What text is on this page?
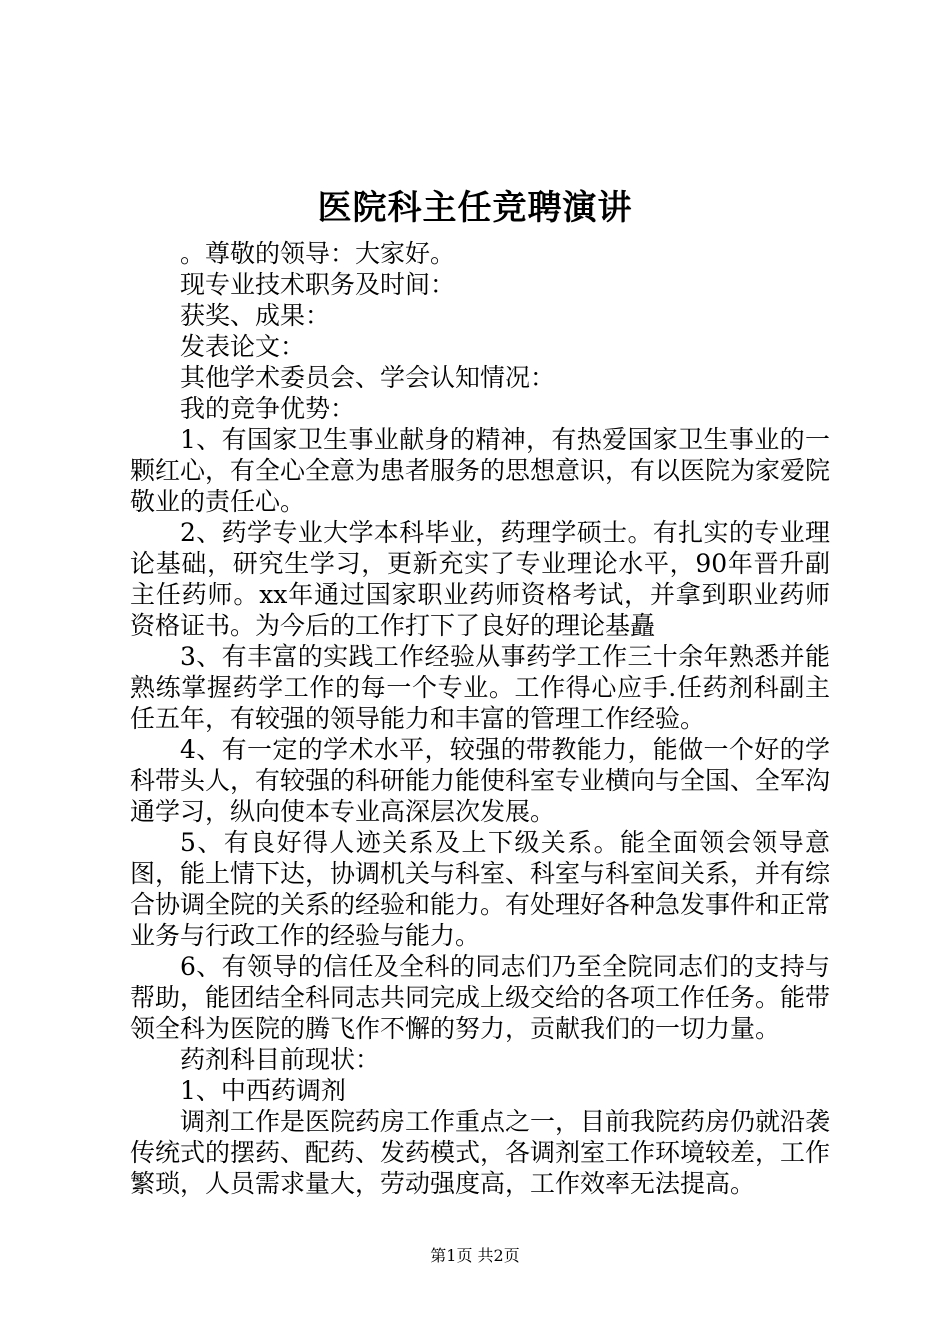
医院科主任竞聘演讲

。尊敬的领导：大家好。

现专业技术职务及时间：

获奖、成果：

发表论文：

其他学术委员会、学会认知情况：

我的竞争优势：

1、有国家卫生事业献身的精神，有热爱国家卫生事业的一颗红心，有全心全意为患者服务的思想意识，有以医院为家爱院敬业的责任心。

2、药学专业大学本科毕业，药理学硕士。有扎实的专业理论基础，研究生学习，更新充实了专业理论水平，90年晋升副主任药师。xx年通过国家职业药师资格考试，并拿到职业药师资格证书。为今后的工作打下了良好的理论基矗

3、有丰富的实践工作经验从事药学工作三十余年熟悉并能熟练掌握药学工作的每一个专业。工作得心应手.任药剂科副主任五年，有较强的领导能力和丰富的管理工作经验。

4、有一定的学术水平，较强的带教能力，能做一个好的学科带头人，有较强的科研能力能使科室专业横向与全国、全军沟通学习，纵向使本专业高深层次发展。

5、有良好得人迹关系及上下级关系。能全面领会领导意图，能上情下达，协调机关与科室、科室与科室间关系，并有综合协调全院的关系的经验和能力。有处理好各种急发事件和正常业务与行政工作的经验与能力。

6、有领导的信任及全科的同志们乃至全院同志们的支持与帮助，能团结全科同志共同完成上级交给的各项工作任务。能带领全科为医院的腾飞作不懈的努力，贡献我们的一切力量。

药剂科目前现状：

1、中西药调剂

调剂工作是医院药房工作重点之一，目前我院药房仍就沿袭传统式的摆药、配药、发药模式，各调剂室工作环境较差，工作繁琐，人员需求量大，劳动强度高，工作效率无法提高。

第1页 共2页
